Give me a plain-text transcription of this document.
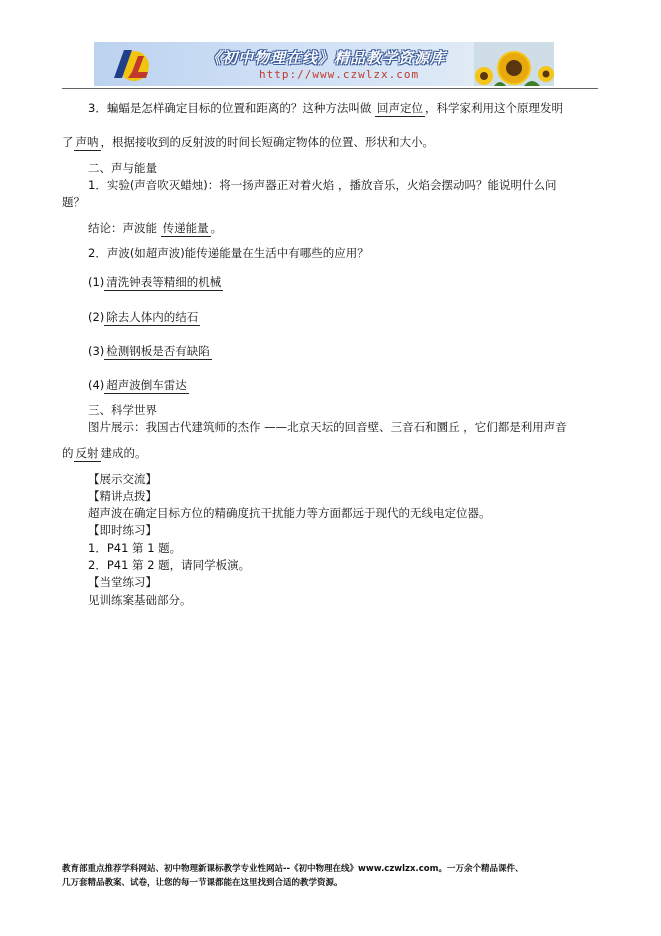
《初中物理在线》精品教学资源库
http://www.czwlzx.com

3．蝙蝠是怎样确定目标的位置和距离的？这种方法叫做 回声定位 ，科学家利用这个原理发明

了 声呐 ，根据接收到的反射波的时间长短确定物体的位置、形状和大小。

二、声与能量

1．实验(声音吹灭蜡烛)：将一扬声器正对着火焰 ，播放音乐，火焰会摆动吗？能说明什么问

题？

结论：声波能 传递能量 。

2．声波(如超声波)能传递能量在生活中有哪些的应用？

(1) 清洗钟表等精细的机械

(2) 除去人体内的结石

(3) 检测钢板是否有缺陷

(4) 超声波倒车雷达

三、科学世界

图片展示：我国古代建筑师的杰作 ——北京天坛的回音壁、三音石和圜丘 ，它们都是利用声音

的 反射 建成的。

【展示交流】

【精讲点拨】

超声波在确定目标方位的精确度抗干扰能力等方面都远于现代的无线电定位器。

【即时练习】

1．P41 第 1 题。

2．P41 第 2 题，请同学板演。

【当堂练习】

见训练案基础部分。

教育部重点推荐学科网站、初中物理新课标教学专业性网站--《初中物理在线》www.czwlzx.com。一万余个精品课件、
几万套精品教案、试卷，让您的每一节课都能在这里找到合适的教学资源。
